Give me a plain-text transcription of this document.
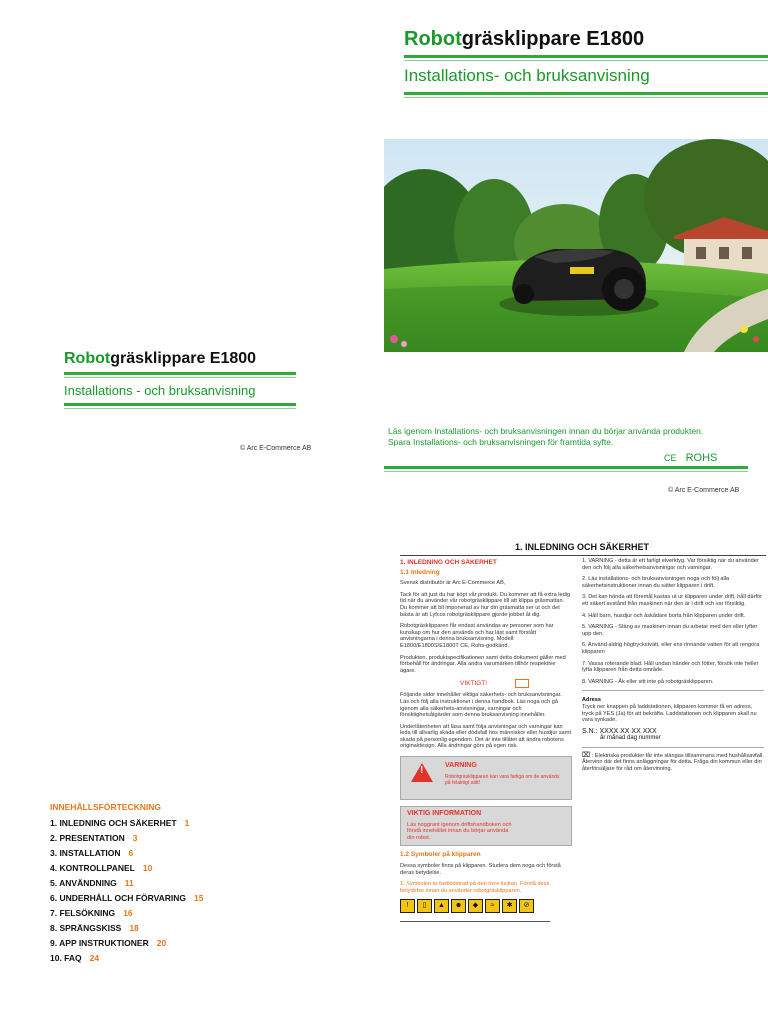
Robotgräsklippare E1800
Installations- och bruksanvisning
Robotgräsklippare E1800
Installations - och bruksanvisning
© Arc E-Commerce AB
Läs igenom Installations- och bruksanvisningen innan du börjar använda produkten.
Spara Installations- och bruksanvisningen för framtida syfte.
CE ROHS
© Arc E-Commerce AB
INNEHÅLLSFÖRTECKNING
1. INLEDNING OCH SÄKERHET 1
2. PRESENTATION 3
3. INSTALLATION 6
4. KONTROLLPANEL 10
5. ANVÄNDNING 11
6. UNDERHÅLL OCH FÖRVARING 15
7. FELSÖKNING 16
8. SPRÄNGSKISS 18
9. APP INSTRUKTIONER 20
10. FAQ 24
1. INLEDNING OCH SÄKERHET
1. INLEDNING OCH SÄKERHET
1.1 Inledning
Svensk distributör är Arc E-Commerce AB,
Tack för att just du har köpt vår produkt. Du kommer att få extra ledig tid när du använder vår robotgräsklippare till att klippa gräsmattan. Du kommer att bli imponerad av hur din gräsmatta ser ut och det bästa är att Lyfcos robotgräsklippare gjorde jobbet åt dig.
Robotgräsklipparen får endast användas av personer som har kunskap om hur den används och har läst samt förstått anvisningarna i denna bruksanvisning. Modell: E1800/E1800S/E1800T CE, Rohs-godkänd.
Produkten, produktspecifikationen samt detta dokument gäller med förbehåll för ändringar. Alla andra varumärken tillhör respektive ägare.
VIKTIGT!
Följande sidor innehåller viktiga säkerhets- och bruksanvisningar. Läs och följ alla instruktioner i denna handbok. Läs noga och gå igenom alla säkerhets-anvisningar, varningar och försiktighetsåtgärder som denna bruksanvisning innehåller.
Underlåtenheten att läsa samt följa anvisningar och varningar kan leda till allvarlig skada eller dödsfall hos människor eller husdjur samt skada på personlig egendom. Det är inte tillåtet att ändra robotens originaldesign. Alla ändringar görs på egen risk.
!	VARNING
Robotgräsklipparen kan vara farliga om de används på felaktigt sätt!
VIKTIG INFORMATION
Läs noggrant igenom driftshandboken och förstå innehållet innan du börjar använda din robot.
1.2 Symboler på klipparen
Dessa symboler finns på klipparen. Studera dem noga och förstå deras betydelse.
1. Symbolen är fastlödstrad på den övre luckan. Förstå dess betydelse innan du använder robotgräsklipparen.
!	▯	▲	☻	◆	≈	✱	⊘
1. VARNING - detta är ett farligt elverktyg. Var försiktig när du använder den och följ alla säkerhetsanvisningar och varningar.
2. Läs installations- och bruksanvisningen noga och följ alla säkerhetsinstruktioner innan du sätter klipparen i drift.
3. Det kan hända att föremål kastas ut ur klipparen under drift, håll därför ett säkert avstånd från maskinen när den är i drift och var försiktig.
4. Håll barn, husdjur och åskådare borta från klipparen under drift.
5. VARNING - Stäng av maskinen innan du arbetar med den eller lyfter upp den.
6. Använd aldrig högtryckstvätt, eller ens rinnande vatten för att rengöra klipparen
7. Vassa roterande blad. Håll undan händer och fötter, försök inte heller lyfta klipparen från detta område.
8. VARNING - Åk eller sitt inte på robotgräsklipparen.
Adress
Tryck ner knappen på laddstationen, klipparen kommer få en adress, tryck på YES (Ja) för att bekräfta. Laddstationen och klipparen skall nu vara synkade.
S.N.: XXXX XX XX XXX
år månad dag nummer
⌧ : Elektriska produkter får inte slängas tillsammans med hushållsavfall. Återvinn där det finns anläggningar för detta. Fråga din kommun eller din återförsäljare för råd om återvinning.
